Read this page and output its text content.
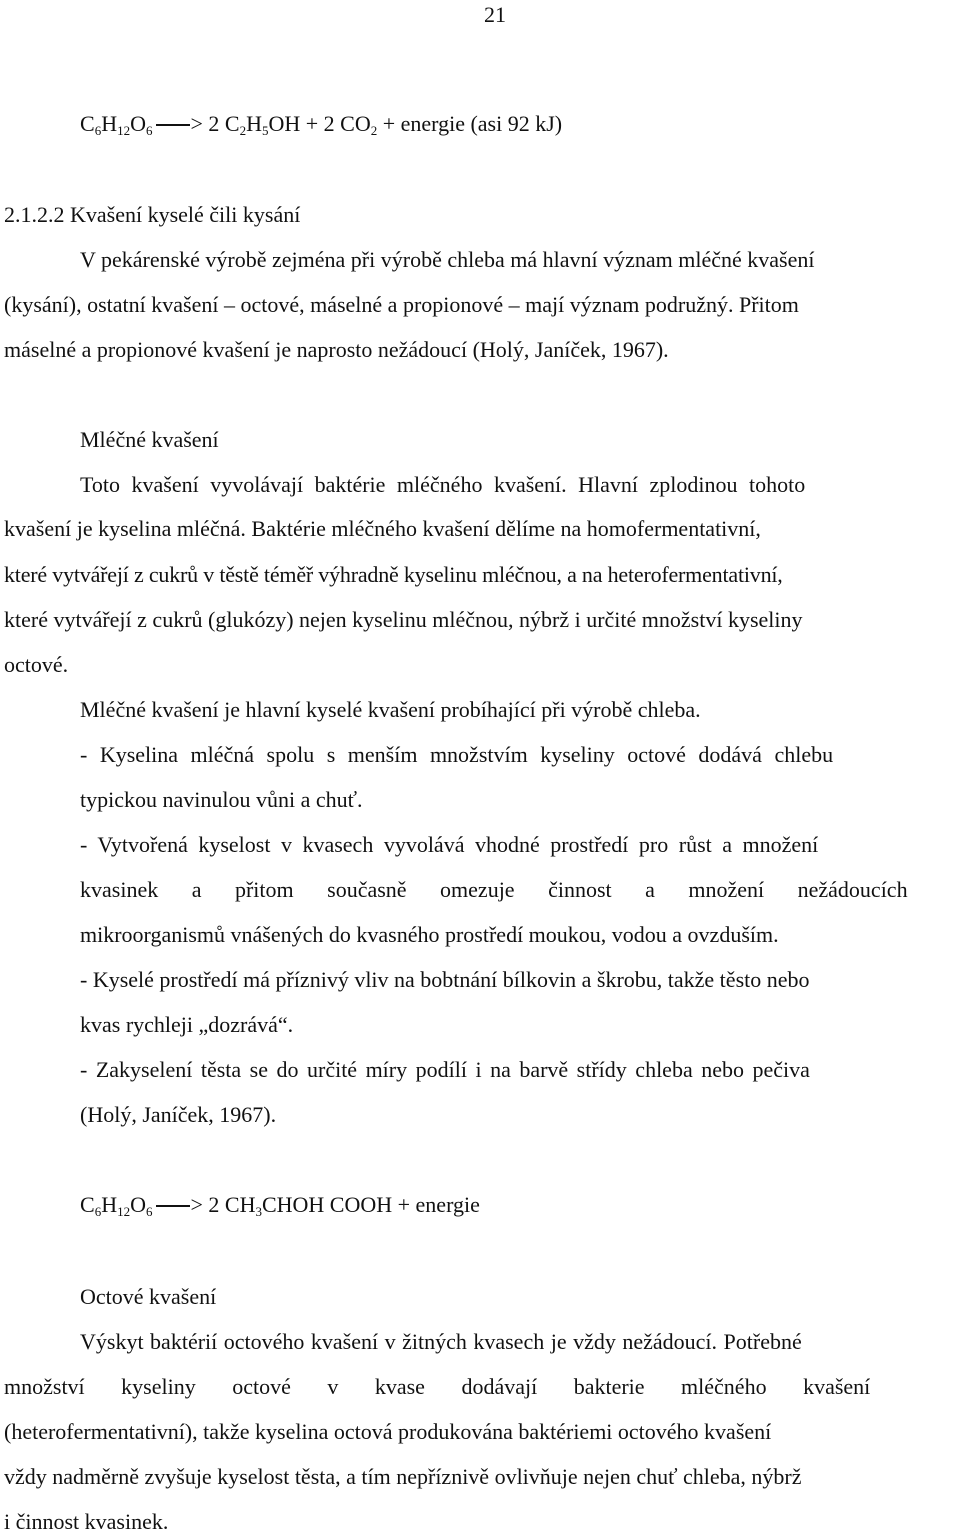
21
$C_6H_{12}O_6 > 2$ $C_2H_5OH + 2$ $CO_2$ + energie (asi 92 kJ)
2.1.2.2 Kvašení kyselé čili kysání
V pekárenské výrobě zejména při výrobě chleba má hlavní význam mléčné kvašení
(kysání), ostatní kvašení – octové, máselné a propionové – mají význam podružný. Přitom
máselné a propionové kvašení je naprosto nežádoucí (Holý, Janíček, 1967).
Mléčné kvašení
Toto kvašení vyvolávají baktérie mléčného kvašení. Hlavní zplodinou tohoto
kvašení je kyselina mléčná. Baktérie mléčného kvašení dělíme na homofermentativní,
které vytvářejí z cukrů v těstě téměř výhradně kyselinu mléčnou, a na heterofermentativní,
které vytvářejí z cukrů (glukózy) nejen kyselinu mléčnou, nýbrž i určité množství kyseliny
octové.
Mléčné kvašení je hlavní kyselé kvašení probíhající při výrobě chleba.
- Kyselina mléčná spolu s menším množstvím kyseliny octové dodává chlebu
typickou navinulou vůni a chuť.
- Vytvořená kyselost v kvasech vyvolává vhodné prostředí pro růst a množení
kvasinek a přitom současně omezuje činnost a množení nežádoucích
mikroorganismů vnášených do kvasného prostředí moukou, vodou a ovzduším.
- Kyselé prostředí má příznivý vliv na bobtnání bílkovin a škrobu, takže těsto nebo
kvas rychleji „dozrává“.
- Zakyselení těsta se do určité míry podílí i na barvě střídy chleba nebo pečiva
(Holý, Janíček, 1967).
$C_6H_{12}O_6 > 2$ $CH_3CHOH$ COOH + energie
Octové kvašení
Výskyt baktérií octového kvašení v žitných kvasech je vždy nežádoucí. Potřebné
množství kyseliny octové v kvase dodávají bakterie mléčného kvašení
(heterofermentativní), takže kyselina octová produkována baktériemi octového kvašení
vždy nadměrně zvyšuje kyselost těsta, a tím nepříznivě ovlivňuje nejen chuť chleba, nýbrž
i činnost kvasinek.
